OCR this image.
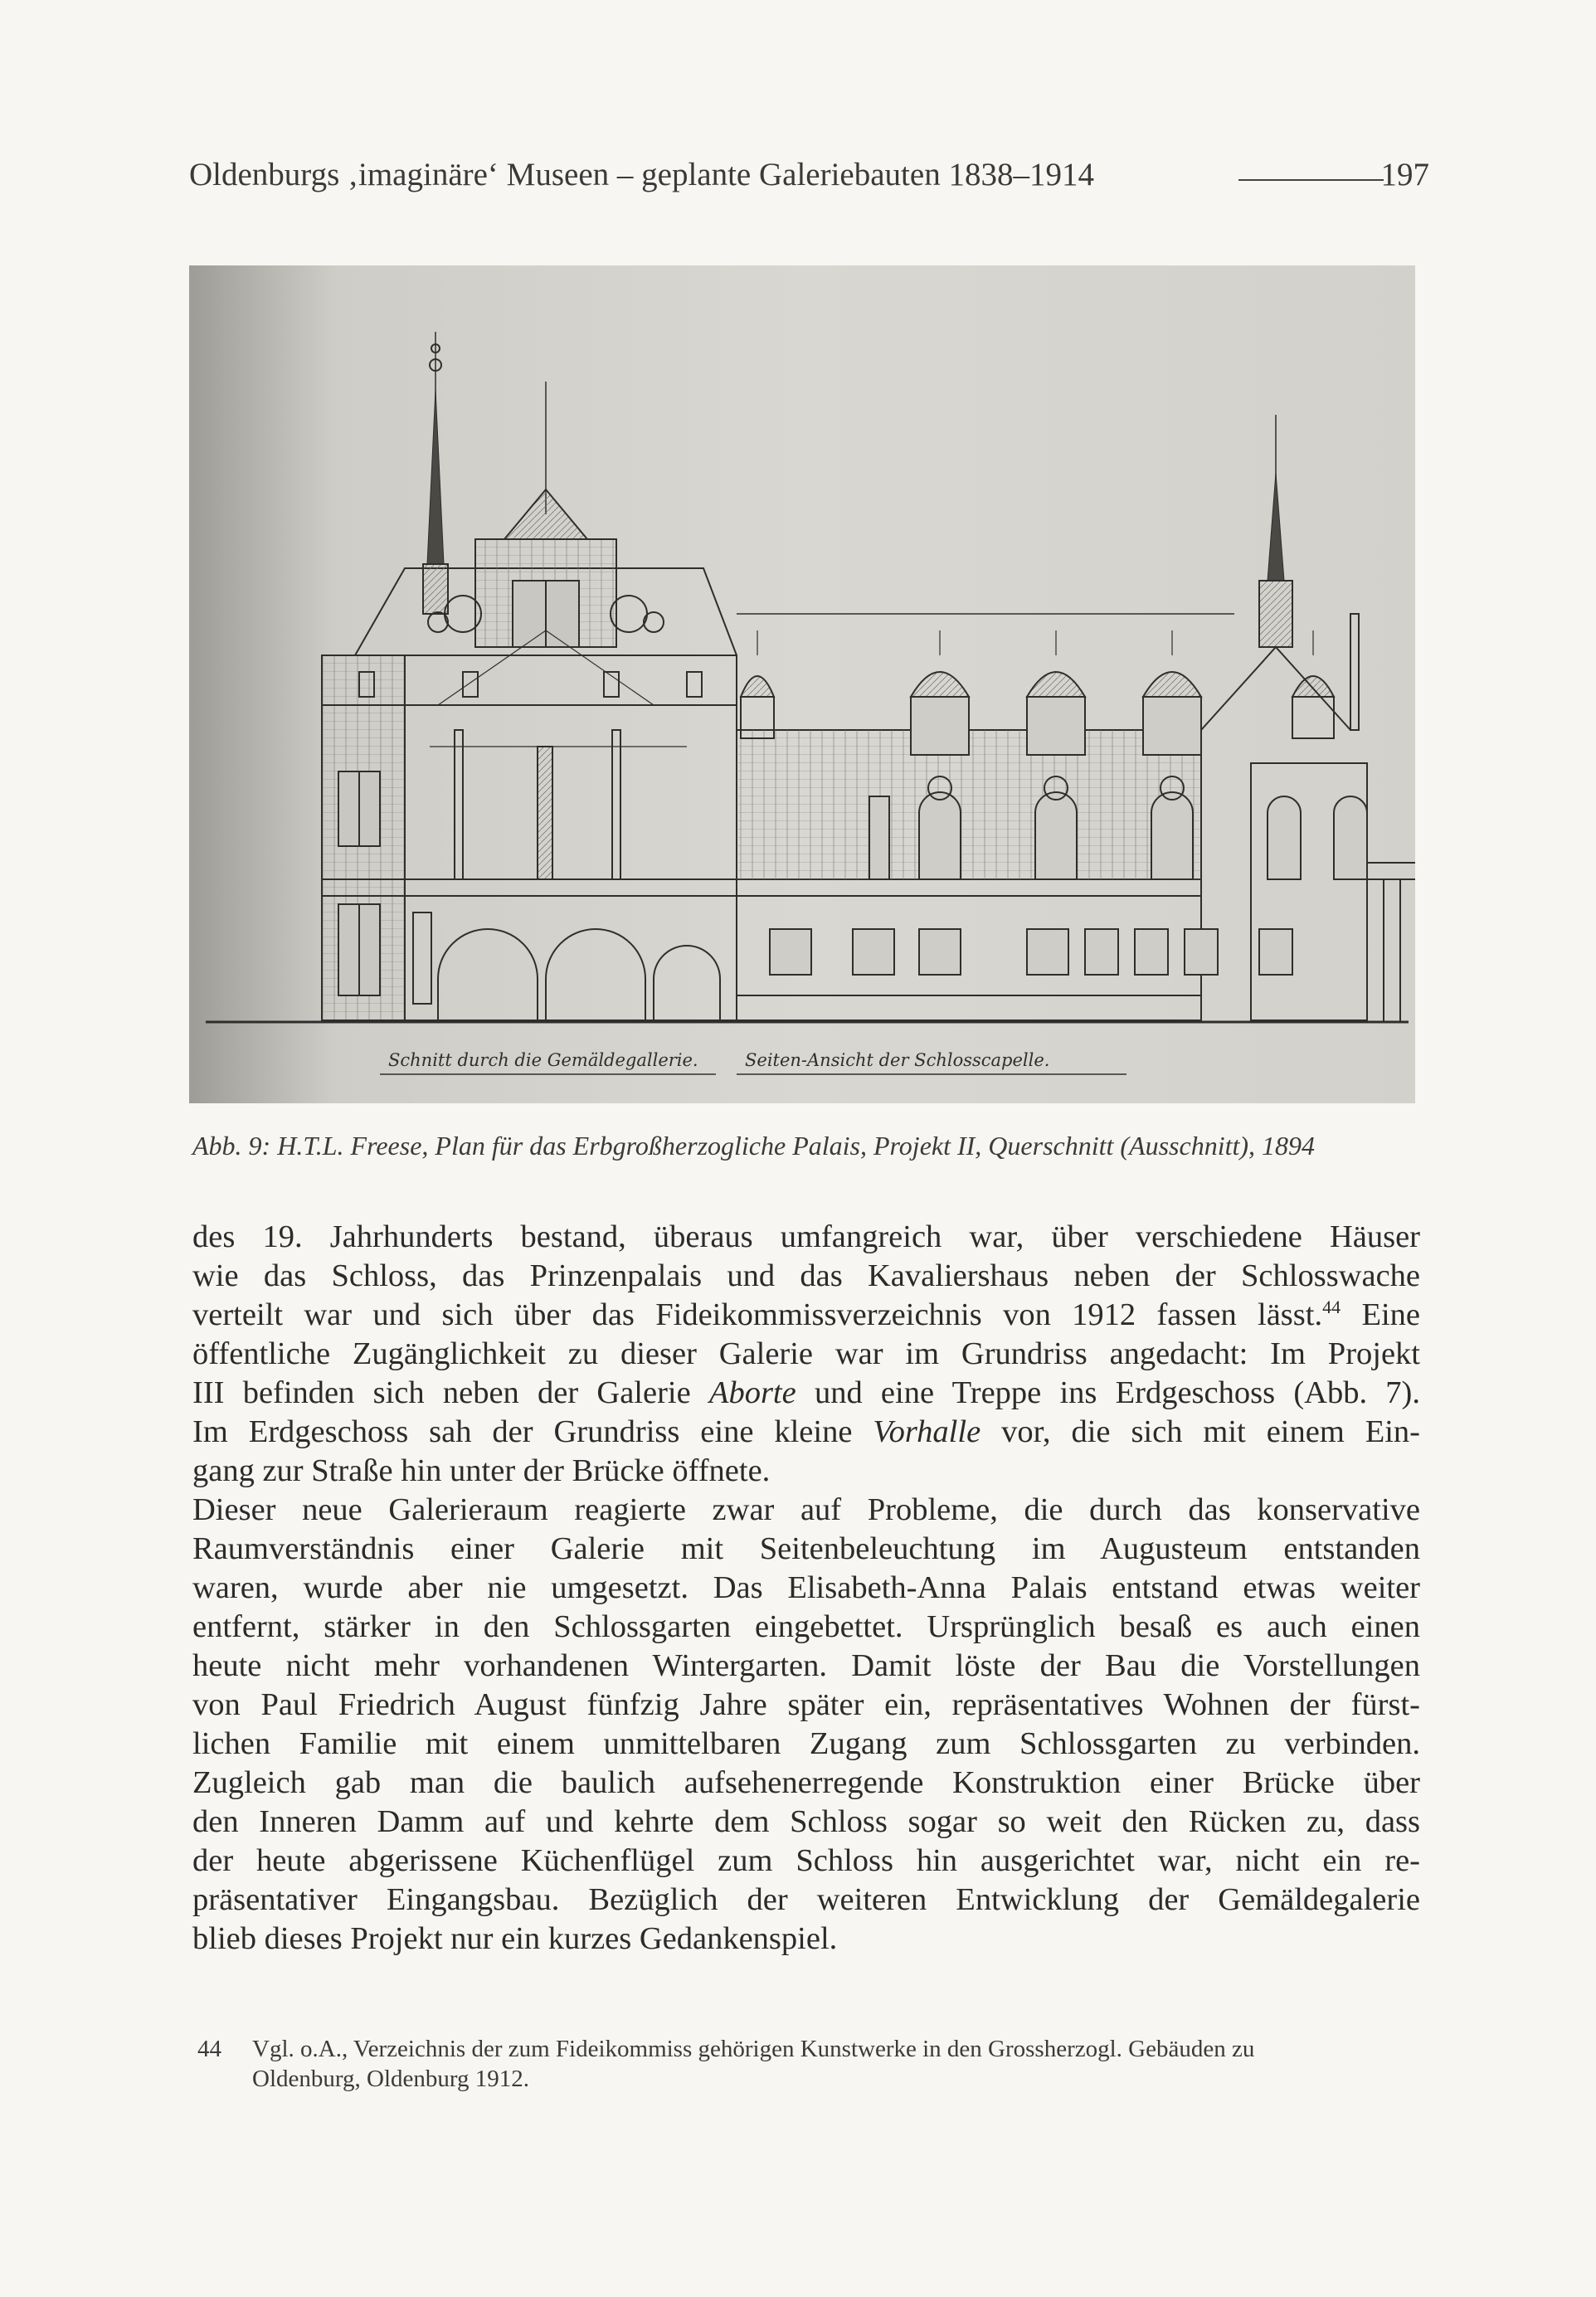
Oldenburgs ‚imaginäre‘ Museen – geplante Galeriebauten 1838–1914	197
Schnitt durch die Gemäldegallerie.	Seiten-Ansicht der Schlosscapelle.
Abb. 9: H.T.L. Freese, Plan für das Erbgroßherzogliche Palais, Projekt II, Querschnitt (Ausschnitt), 1894
des 19. Jahrhunderts bestand, überaus umfangreich war, über verschiedene Häuser
wie das Schloss, das Prinzenpalais und das Kavaliershaus neben der Schlosswache
verteilt war und sich über das Fideikommissverzeichnis von 1912 fassen lässt.$^{44}$ Eine
öffentliche Zugänglichkeit zu dieser Galerie war im Grundriss angedacht: Im Projekt
III befinden sich neben der Galerie Aborte und eine Treppe ins Erdgeschoss (Abb. 7).
Im Erdgeschoss sah der Grundriss eine kleine Vorhalle vor, die sich mit einem Ein-
gang zur Straße hin unter der Brücke öffnete.
Dieser neue Galerieraum reagierte zwar auf Probleme, die durch das konservative
Raumverständnis einer Galerie mit Seitenbeleuchtung im Augusteum entstanden
waren, wurde aber nie umgesetzt. Das Elisabeth-Anna Palais entstand etwas weiter
entfernt, stärker in den Schlossgarten eingebettet. Ursprünglich besaß es auch einen
heute nicht mehr vorhandenen Wintergarten. Damit löste der Bau die Vorstellungen
von Paul Friedrich August fünfzig Jahre später ein, repräsentatives Wohnen der fürst-
lichen Familie mit einem unmittelbaren Zugang zum Schlossgarten zu verbinden.
Zugleich gab man die baulich aufsehenerregende Konstruktion einer Brücke über
den Inneren Damm auf und kehrte dem Schloss sogar so weit den Rücken zu, dass
der heute abgerissene Küchenflügel zum Schloss hin ausgerichtet war, nicht ein re-
präsentativer Eingangsbau. Bezüglich der weiteren Entwicklung der Gemäldegalerie
blieb dieses Projekt nur ein kurzes Gedankenspiel.
44 Vgl. o.A., Verzeichnis der zum Fideikommiss gehörigen Kunstwerke in den Grossherzogl. Gebäuden zu
Oldenburg, Oldenburg 1912.
